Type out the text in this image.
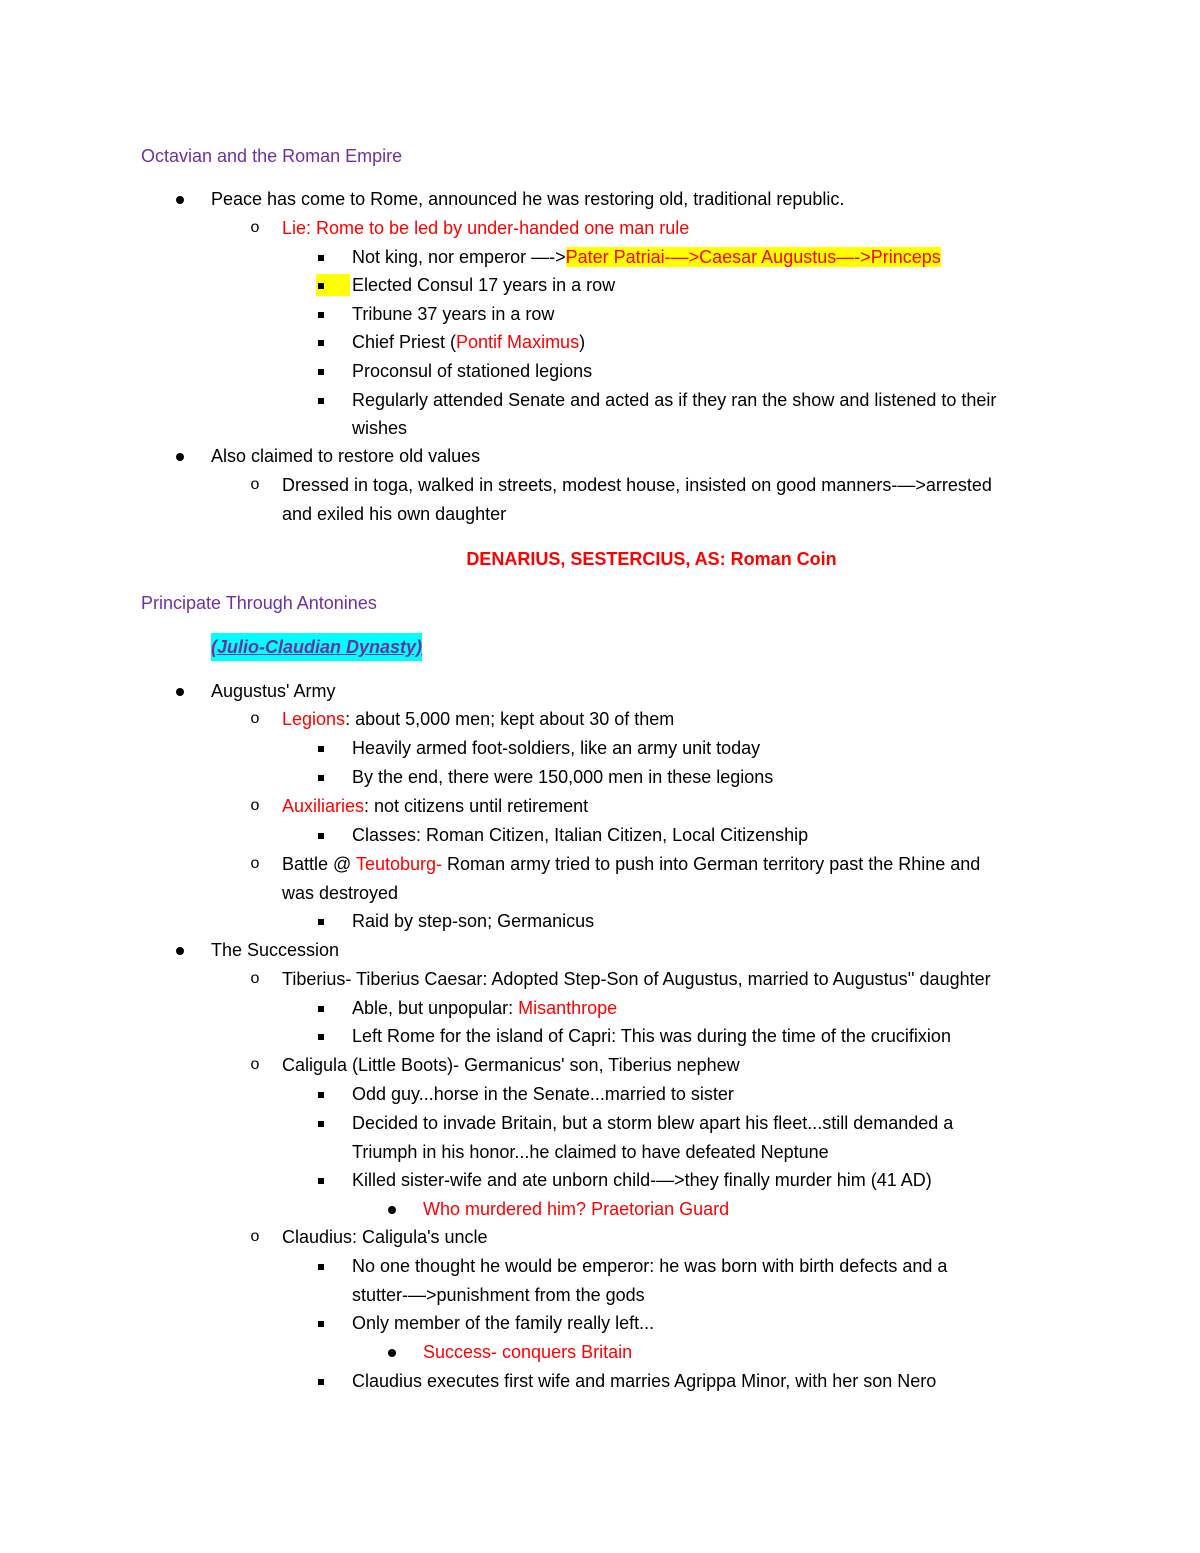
Octavian and the Roman Empire
Peace has come to Rome, announced he was restoring old, traditional republic.
o Lie: Rome to be led by under-handed one man rule
Not king, nor emperor —->Pater Patriai-—>Caesar Augustus—->Princeps
Elected Consul 17 years in a row
Tribune 37 years in a row
Chief Priest (Pontif Maximus)
Proconsul of stationed legions
Regularly attended Senate and acted as if they ran the show and listened to their
wishes
Also claimed to restore old values
o Dressed in toga, walked in streets, modest house, insisted on good manners-—>arrested
and exiled his own daughter
DENARIUS, SESTERCIUS, AS: Roman Coin
Principate Through Antonines
(Julio-Claudian Dynasty)
Augustus' Army
o Legions: about 5,000 men; kept about 30 of them
Heavily armed foot-soldiers, like an army unit today
By the end, there were 150,000 men in these legions
o Auxiliaries: not citizens until retirement
Classes: Roman Citizen, Italian Citizen, Local Citizenship
o Battle @ Teutoburg- Roman army tried to push into German territory past the Rhine and
was destroyed
Raid by step-son; Germanicus
The Succession
o Tiberius- Tiberius Caesar: Adopted Step-Son of Augustus, married to Augustus'' daughter
Able, but unpopular: Misanthrope
Left Rome for the island of Capri: This was during the time of the crucifixion
o Caligula (Little Boots)- Germanicus' son, Tiberius nephew
Odd guy...horse in the Senate...married to sister
Decided to invade Britain, but a storm blew apart his fleet...still demanded a
Triumph in his honor...he claimed to have defeated Neptune
Killed sister-wife and ate unborn child-—>they finally murder him (41 AD)
Who murdered him? Praetorian Guard
o Claudius: Caligula's uncle
No one thought he would be emperor: he was born with birth defects and a
stutter-—>punishment from the gods
Only member of the family really left...
Success- conquers Britain
Claudius executes first wife and marries Agrippa Minor, with her son Nero
